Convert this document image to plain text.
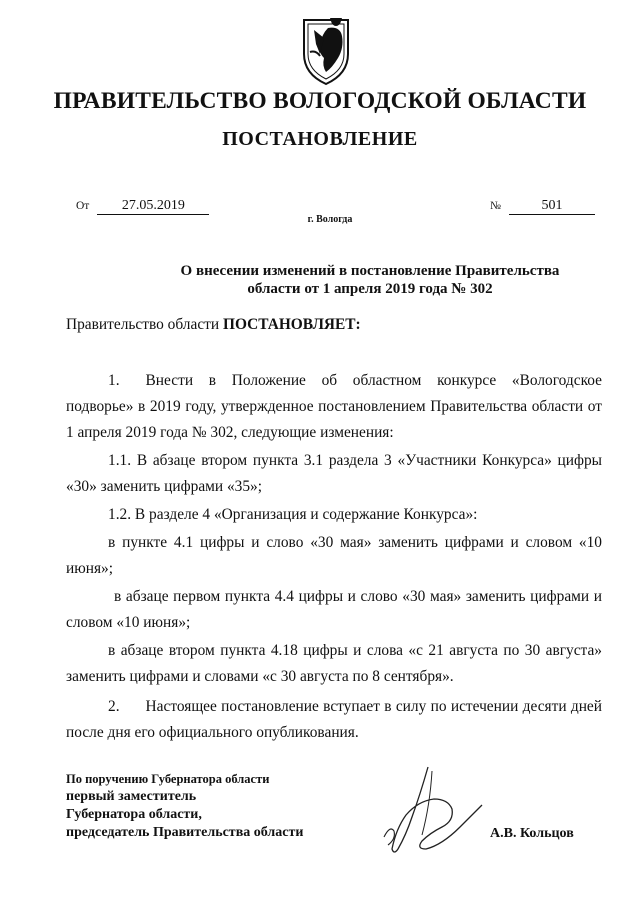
ПРАВИТЕЛЬСТВО ВОЛОГОДСКОЙ ОБЛАСТИ
ПОСТАНОВЛЕНИЕ
От 27.05.2019	№	501
г. Вологда
О внесении изменений в постановление Правительства
области от 1 апреля 2019 года № 302
Правительство области ПОСТАНОВЛЯЕТ:

1. Внести в Положение об областном конкурсе «Вологодское подворье» в 2019 году, утвержденное постановлением Правительства области от 1 апреля 2019 года № 302, следующие изменения:

1.1. В абзаце втором пункта 3.1 раздела 3 «Участники Конкурса» цифры «30» заменить цифрами «35»;

1.2. В разделе 4 «Организация и содержание Конкурса»:

в пункте 4.1 цифры и слово «30 мая» заменить цифрами и словом «10 июня»;

в абзаце первом пункта 4.4 цифры и слово «30 мая» заменить цифрами и словом «10 июня»;

в абзаце втором пункта 4.18 цифры и слова «с 21 августа по 30 августа» заменить цифрами и словами «с 30 августа по 8 сентября».

2. Настоящее постановление вступает в силу по истечении десяти дней после дня его официального опубликования.

По поручению Губернатора области
первый заместитель
Губернатора области,
председатель Правительства области	А.В. Кольцов
